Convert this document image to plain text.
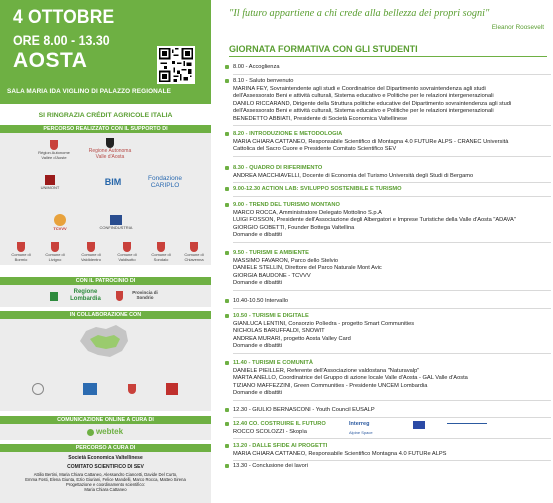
4 OTTOBRE
ORE 8.00 - 13.30
AOSTA
SALA MARIA IDA VIGLINO DI PALAZZO REGIONALE
SI RINGRAZIA CRÉDIT AGRICOLE ITALIA
PERCORSO REALIZZATO CON IL SUPPORTO DI
Région Autonome Vallée d'Aoste
Regione Autonoma Valle d'Aosta
UNIMONT
BIM	Fondazione CARIPLO
TCVVV	CONFINDUSTRIA
Comune di Bormio
Comune di Livigno
Comune di Valdidentro
Comune di Valdisotto
Comune di Sondalo
Comune di Chiavenna
CON IL PATROCINIO DI
Regione Lombardia
Provincia di Sondrio
IN COLLABORAZIONE CON
COMUNICAZIONE ONLINE A CURA DI
webtek
PERCORSO A CURA DI
Società Economica Valtellinese
COMITATO SCIENTIFICO DI SEV
Attilio Bertini, Maria Chiara Cattaneo, Alessandro Ciancetti, Davide Del Curto,
Emma Fosti, Elena Giunta, Ezio Giuriani, Felice Mandelli, Marco Rocca, Matteo Sirena
Progettazione e coordinamento scientifico:
Maria Chiara Cattaneo
"Il futuro appartiene a chi crede alla bellezza dei propri sogni"
Eleanor Roosevelt
GIORNATA FORMATIVA CON GLI STUDENTI
8.00 - Accoglienza
8.10 - Saluto benvenuto
MARINA FEY, Sovraintendente agli studi e Coordinatrice del Dipartimento sovraintendenza agli studi
dell'Assessorato Beni e attività culturali, Sistema educativo e Politiche per le relazioni intergenerazionali
DANILO RICCARAND, Dirigente della Struttura politiche educative del Dipartimento sovraintendenza agli studi
dell'Assessorato Beni e attività culturali, Sistema educativo e Politiche per le relazioni intergenerazionali
BENEDETTO ABBIATI, Presidente di Società Economica Valtellinese
8.20 - INTRODUZIONE E METODOLOGIA
MARIA CHIARA CATTANEO, Responsabile Scientifico di Montagna 4.0 FUTURe ALPS - CRANEC Università
Cattolica del Sacro Cuore e Presidente Comitato Scientifico SEV
8.30 - QUADRO DI RIFERIMENTO
ANDREA MACCHIAVELLI, Docente di Economia del Turismo Università degli Studi di Bergamo
9.00-12.30 ACTION LAB: SVILUPPO SOSTENIBILE E TURISMO
9.00 - TREND DEL TURISMO MONTANO
MARCO ROCCA, Amministratore Delegato Mottolino S.p.A
LUIGI FOSSON, Presidente dell'Associazione degli Albergatori e Imprese Turistiche della Valle d'Aosta "ADAVA"
GIORGIO GOBETTI, Founder Bottega Valtellina
Domande e dibattiti
9.50 - TURISMI E AMBIENTE
MASSIMO FAVARON, Parco dello Stelvio
DANIELE STELLIN, Direttore del Parco Naturale Mont Avic
GIORGIA BAUDONE - TCVVV
Domande e dibattiti
10.40-10.50 Intervallo
10.50 - TURISMI E DIGITALE
GIANLUCA LENTINI, Consorzio Polìedra - progetto Smart Communities
NICHOLAS BARUFFALDI, SNOWIT
ANDREA MURARI, progetto Aosta Valley Card
Domande e dibattiti
11.40 - TURISMI E COMUNITÀ
DANIELE PIEILLER, Referente dell'Associazione valdostana "Naturavalp"
MARTA ANELLO, Coordinatrice del Gruppo di azione locale Valle d'Aosta - GAL Valle d'Aosta
TIZIANO MAFFEZZINI, Green Communities - Presidente UNCEM Lombardia
Domande e dibattiti
12.30 - GIULIO BERNASCONI - Youth Council EUSALP
12.40 CO. COSTRUIRE IL FUTURO
ROCCO SCOLOZZI - Skopìa
Interreg
Alpine Space
13.20 - DALLE SFIDE AI PROGETTI
MARIA CHIARA CATTANEO, Responsabile Scientifico Montagna 4.0 FUTURe ALPS
13.30 - Conclusione dei lavori
